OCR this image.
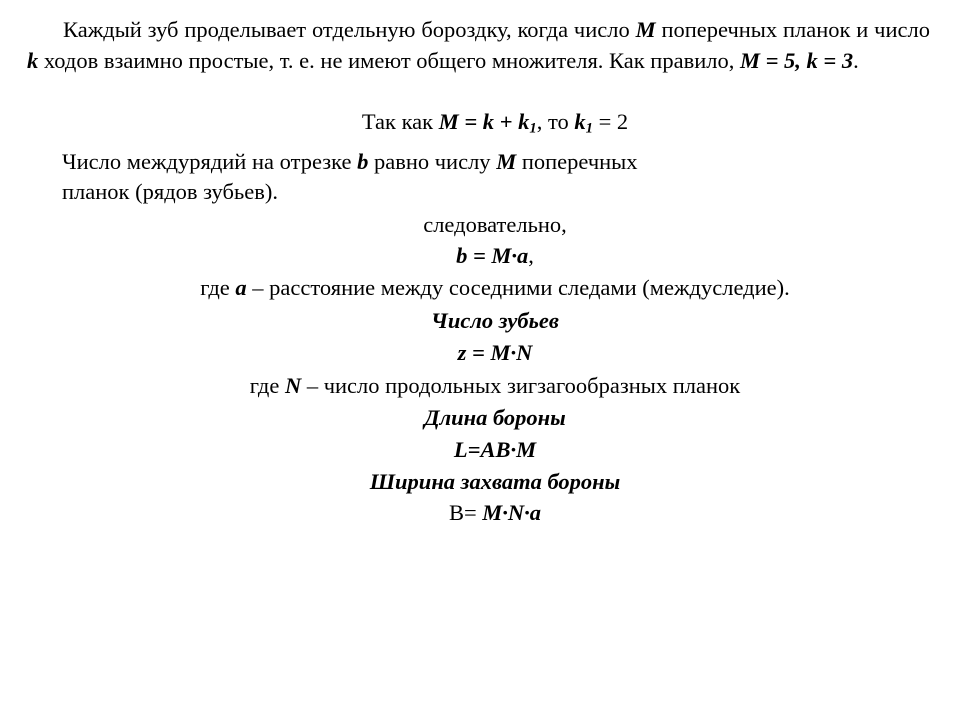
Каждый зуб проделывает отдельную бороздку, когда число M поперечных планок и число k ходов взаимно простые, т. е. не имеют общего множителя. Как правило, M = 5, k = 3.
Так как $M = k + k_1$, то $k_1 = 2$
Число междурядий на отрезке b равно числу M поперечных
планок (рядов зубьев).
следовательно,
b = M·a,
где a – расстояние между соседними следами (междуследие).
Число зубьев
z = M·N
где N – число продольных зигзагообразных планок
Длина бороны
L=AB·M
Ширина захвата бороны
B= M·N·a
